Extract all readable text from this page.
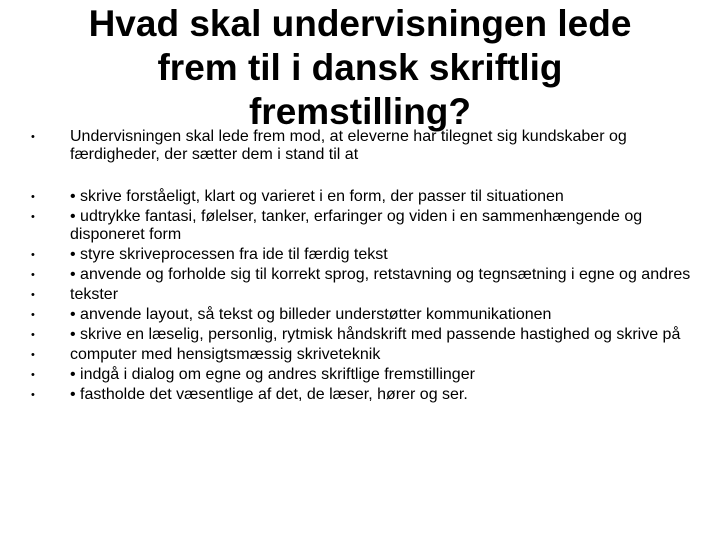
• Undervisningen skal lede frem mod, at eleverne har tilegnet sig kundskaber og færdigheder, der sætter dem i stand til at
• • skrive forståeligt, klart og varieret i en form, der passer til situationen
• • udtrykke fantasi, følelser, tanker, erfaringer og viden i en sammenhængende og disponeret form
• • styre skriveprocessen fra ide til færdig tekst
• • anvende og forholde sig til korrekt sprog, retstavning og tegnsætning i egne og andres
• tekster
• • anvende layout, så tekst og billeder understøtter kommunikationen
• • skrive en læselig, personlig, rytmisk håndskrift med passende hastighed og skrive på
• computer med hensigtsmæssig skriveteknik
• • indgå i dialog om egne og andres skriftlige fremstillinger
• • fastholde det væsentlige af det, de læser, hører og ser.
Hvad skal undervisningen lede
frem til i dansk skriftlig
fremstilling?
